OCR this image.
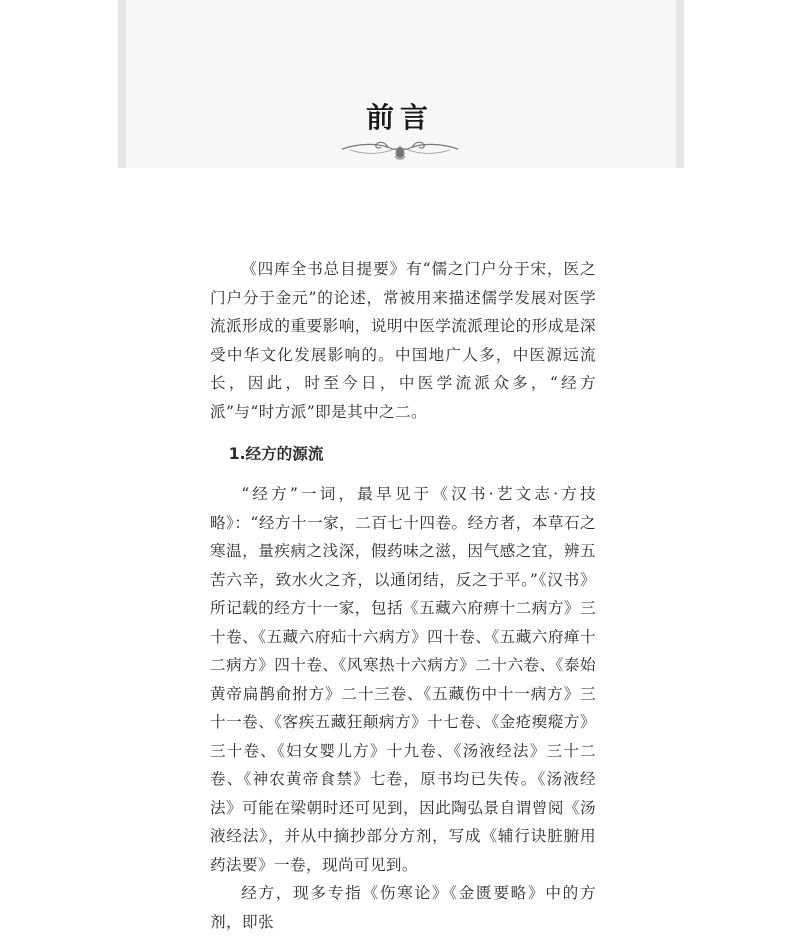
前言

《四库全书总目提要》有“儒之门户分于宋，医之门户分于金元”的论述，常被用来描述儒学发展对医学流派形成的重要影响，说明中医学流派理论的形成是深受中华文化发展影响的。中国地广人多，中医源远流长，因此，时至今日，中医学流派众多，“经方派”与“时方派”即是其中之二。

1.经方的源流

“经方”一词，最早见于《汉书·艺文志·方技略》：“经方十一家，二百七十四卷。经方者，本草石之寒温，量疾病之浅深，假药味之滋，因气感之宜，辨五苦六辛，致水火之齐，以通闭结，反之于平。”《汉书》所记载的经方十一家，包括《五藏六府痹十二病方》三十卷、《五藏六府疝十六病方》四十卷、《五藏六府瘅十二病方》四十卷、《风寒热十六病方》二十六卷、《泰始黄帝扁鹊俞拊方》二十三卷、《五藏伤中十一病方》三十一卷、《客疾五藏狂颠病方》十七卷、《金疮瘈瘲方》三十卷、《妇女婴儿方》十九卷、《汤液经法》三十二卷、《神农黄帝食禁》七卷，原书均已失传。《汤液经法》可能在梁朝时还可见到，因此陶弘景自谓曾阅《汤液经法》，并从中摘抄部分方剂，写成《辅行诀脏腑用药法要》一卷，现尚可见到。

经方，现多专指《伤寒论》《金匮要略》中的方剂，即张
